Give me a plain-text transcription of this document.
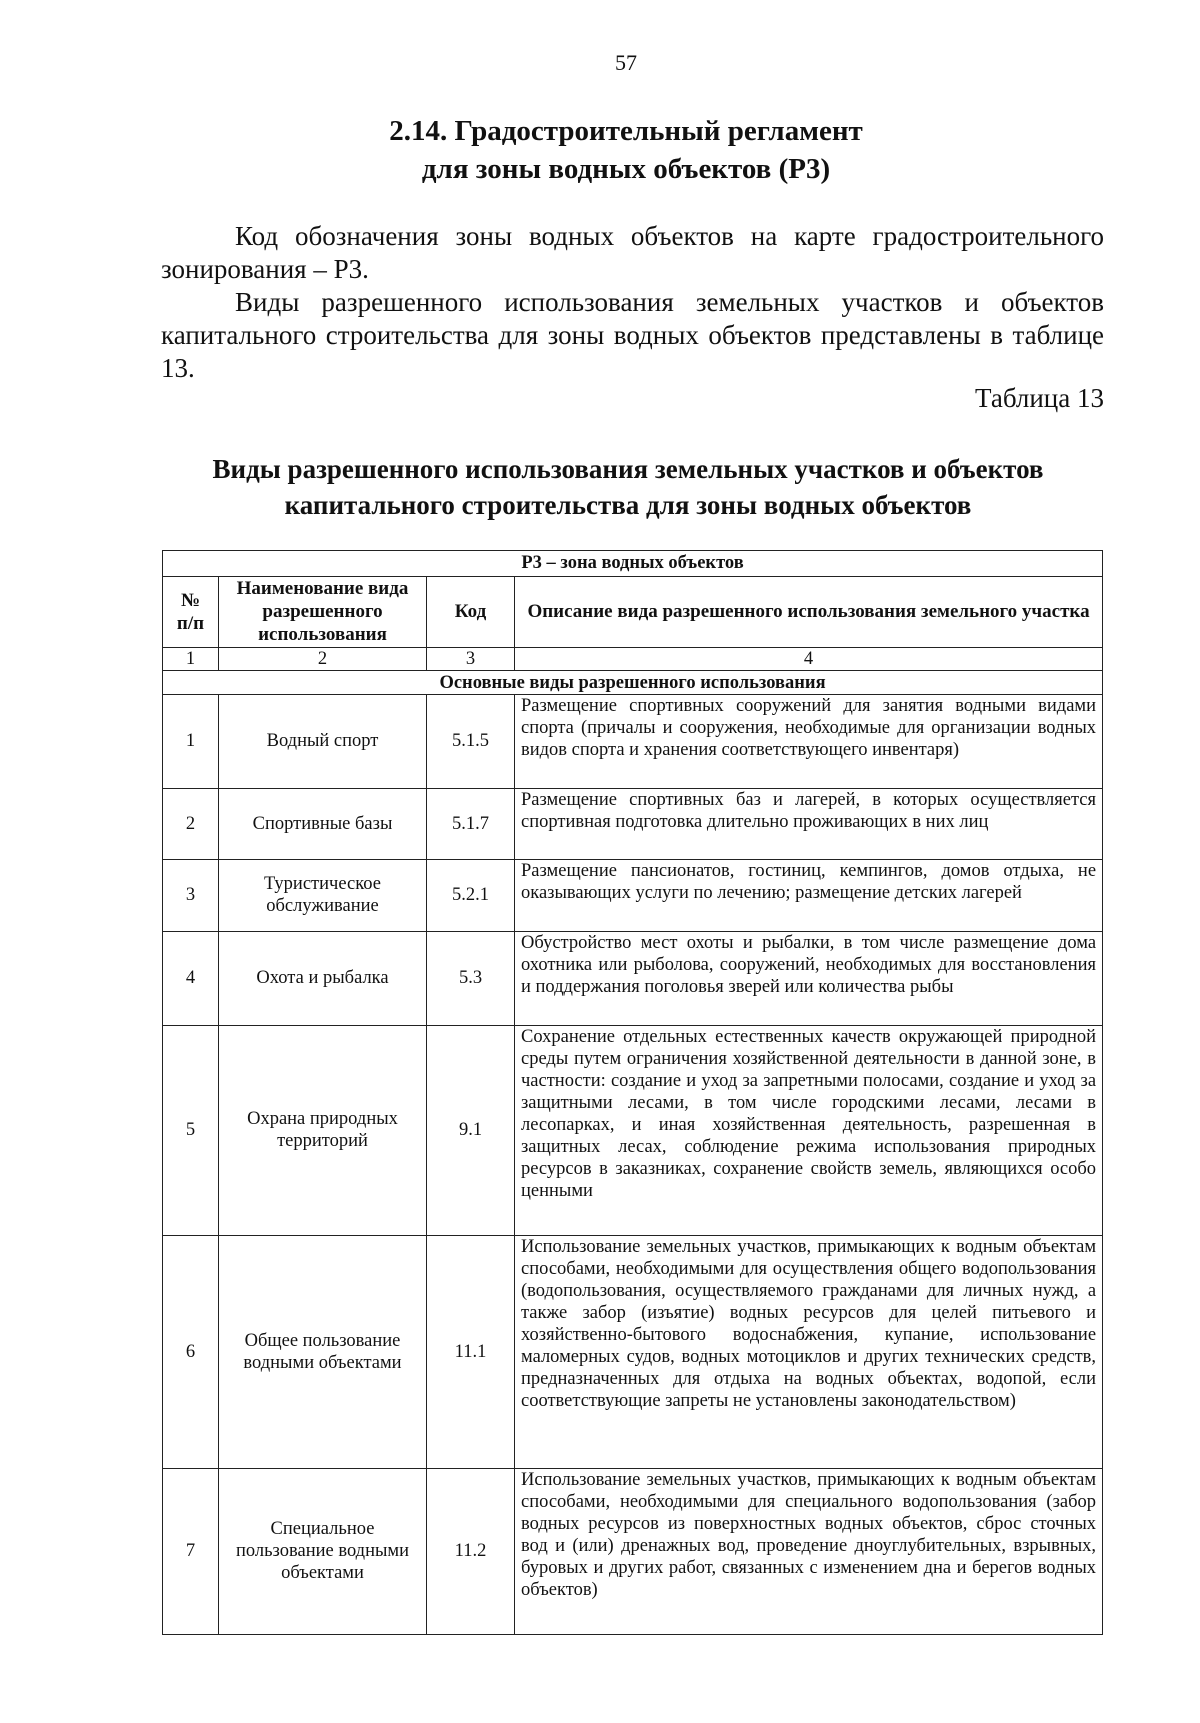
57
2.14. Градостроительный регламент
для зоны водных объектов (Р3)
Код обозначения зоны водных объектов на карте градостроительного зонирования – Р3.
Виды разрешенного использования земельных участков и объектов капитального строительства для зоны водных объектов представлены в таблице 13.
Таблица 13
Виды разрешенного использования земельных участков и объектов
капитального строительства для зоны водных объектов
Р3 – зона водных объектов			
№ п/п	Наименование вида разрешенного использования	Код	Описание вида разрешенного использования земельного участка
1	2	3	4
Основные виды разрешенного использования			
1	Водный спорт	5.1.5	Размещение спортивных сооружений для занятия водными видами спорта (причалы и сооружения, необходимые для организации водных видов спорта и хранения соответствующего инвентаря)
2	Спортивные базы	5.1.7	Размещение спортивных баз и лагерей, в которых осуществляется спортивная подготовка длительно проживающих в них лиц
3	Туристическое обслуживание	5.2.1	Размещение пансионатов, гостиниц, кемпингов, домов отдыха, не оказывающих услуги по лечению; размещение детских лагерей
4	Охота и рыбалка	5.3	Обустройство мест охоты и рыбалки, в том числе размещение дома охотника или рыболова, сооружений, необходимых для восстановления и поддержания поголовья зверей или количества рыбы
5	Охрана природных территорий	9.1	Сохранение отдельных естественных качеств окружающей природной среды путем ограничения хозяйственной деятельности в данной зоне, в частности: создание и уход за запретными полосами, создание и уход за защитными лесами, в том числе городскими лесами, лесами в лесопарках, и иная хозяйственная деятельность, разрешенная в защитных лесах, соблюдение режима использования природных ресурсов в заказниках, сохранение свойств земель, являющихся особо ценными
6	Общее пользование водными объектами	11.1	Использование земельных участков, примыкающих к водным объектам способами, необходимыми для осуществления общего водопользования (водопользования, осуществляемого гражданами для личных нужд, а также забор (изъятие) водных ресурсов для целей питьевого и хозяйственно-бытового водоснабжения, купание, использование маломерных судов, водных мотоциклов и других технических средств, предназначенных для отдыха на водных объектах, водопой, если соответствующие запреты не установлены законодательством)
7	Специальное пользование водными объектами	11.2	Использование земельных участков, примыкающих к водным объектам способами, необходимыми для специального водопользования (забор водных ресурсов из поверхностных водных объектов, сброс сточных вод и (или) дренажных вод, проведение дноуглубительных, взрывных, буровых и других работ, связанных с изменением дна и берегов водных объектов)
